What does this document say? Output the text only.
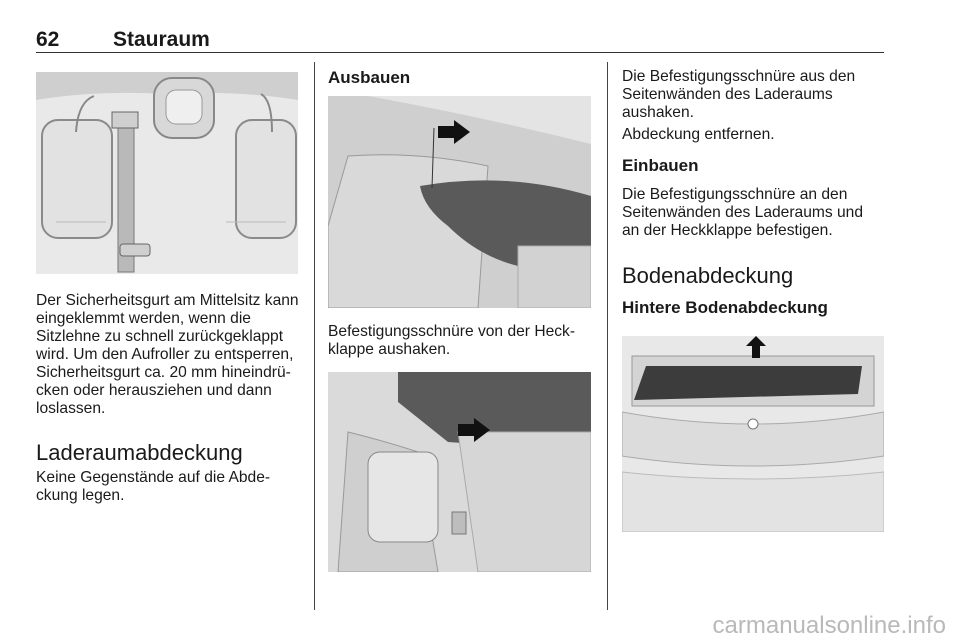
62	Stauraum

Der Sicherheitsgurt am Mittelsitz kann eingeklemmt werden, wenn die Sitzlehne zu schnell zurückgeklappt wird. Um den Aufroller zu entsperren, Sicherheitsgurt ca. 20 mm hineindrücken oder herausziehen und dann loslassen.

Laderaumabdeckung

Keine Gegenstände auf die Abdeckung legen.

Ausbauen

Befestigungsschnüre von der Heckklappe aushaken.

Die Befestigungsschnüre aus den Seitenwänden des Laderaums aushaken.

Abdeckung entfernen.

Einbauen

Die Befestigungsschnüre an den Seitenwänden des Laderaums und an der Heckklappe befestigen.

Bodenabdeckung
Hintere Bodenabdeckung
carmanualsonline.info
